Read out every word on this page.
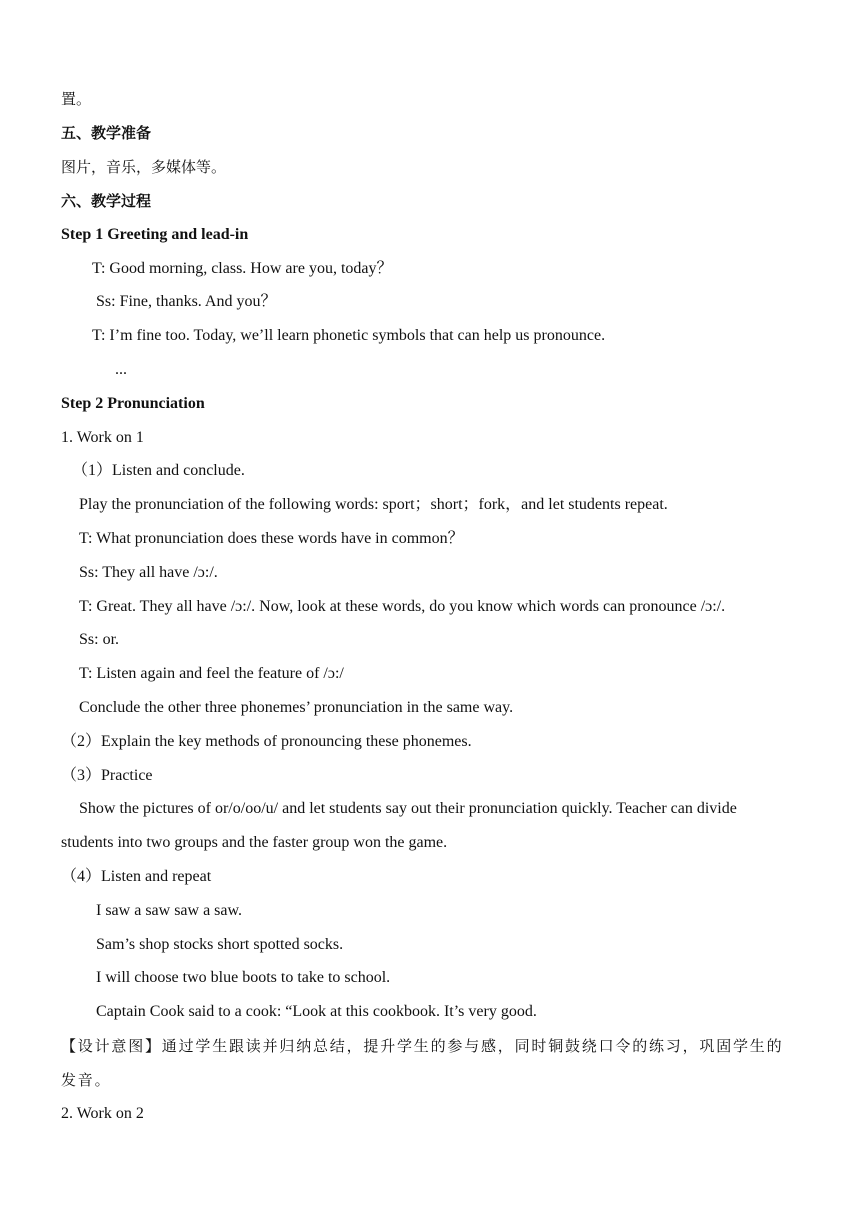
置。
五、教学准备
图片，音乐，多媒体等。
六、教学过程
Step 1 Greeting and lead-in
T: Good morning, class. How are you, today？
Ss: Fine, thanks. And you？
T: I’m fine too. Today, we’ll learn phonetic symbols that can help us pronounce.
...
Step 2 Pronunciation
1. Work on 1
（1）Listen and conclude.
Play the pronunciation of the following words: sport；short；fork，and let students repeat.
T: What pronunciation does these words have in common？
Ss: They all have /ɔ:/.
T: Great. They all have /ɔ:/. Now, look at these words, do you know which words can pronounce /ɔ:/.
Ss: or.
T: Listen again and feel the feature of /ɔ:/
Conclude the other three phonemes’ pronunciation in the same way.
（2）Explain the key methods of pronouncing these phonemes.
（3）Practice
Show the pictures of or/o/oo/u/ and let students say out their pronunciation quickly. Teacher can divide
students into two groups and the faster group won the game.
（4）Listen and repeat
I saw a saw saw a saw.
Sam’s shop stocks short spotted socks.
I will choose two blue boots to take to school.
Captain Cook said to a cook: “Look at this cookbook. It’s very good.
【设计意图】通过学生跟读并归纳总结，提升学生的参与感，同时铜鼓绕口令的练习，巩固学生的
发音。
2. Work on 2
